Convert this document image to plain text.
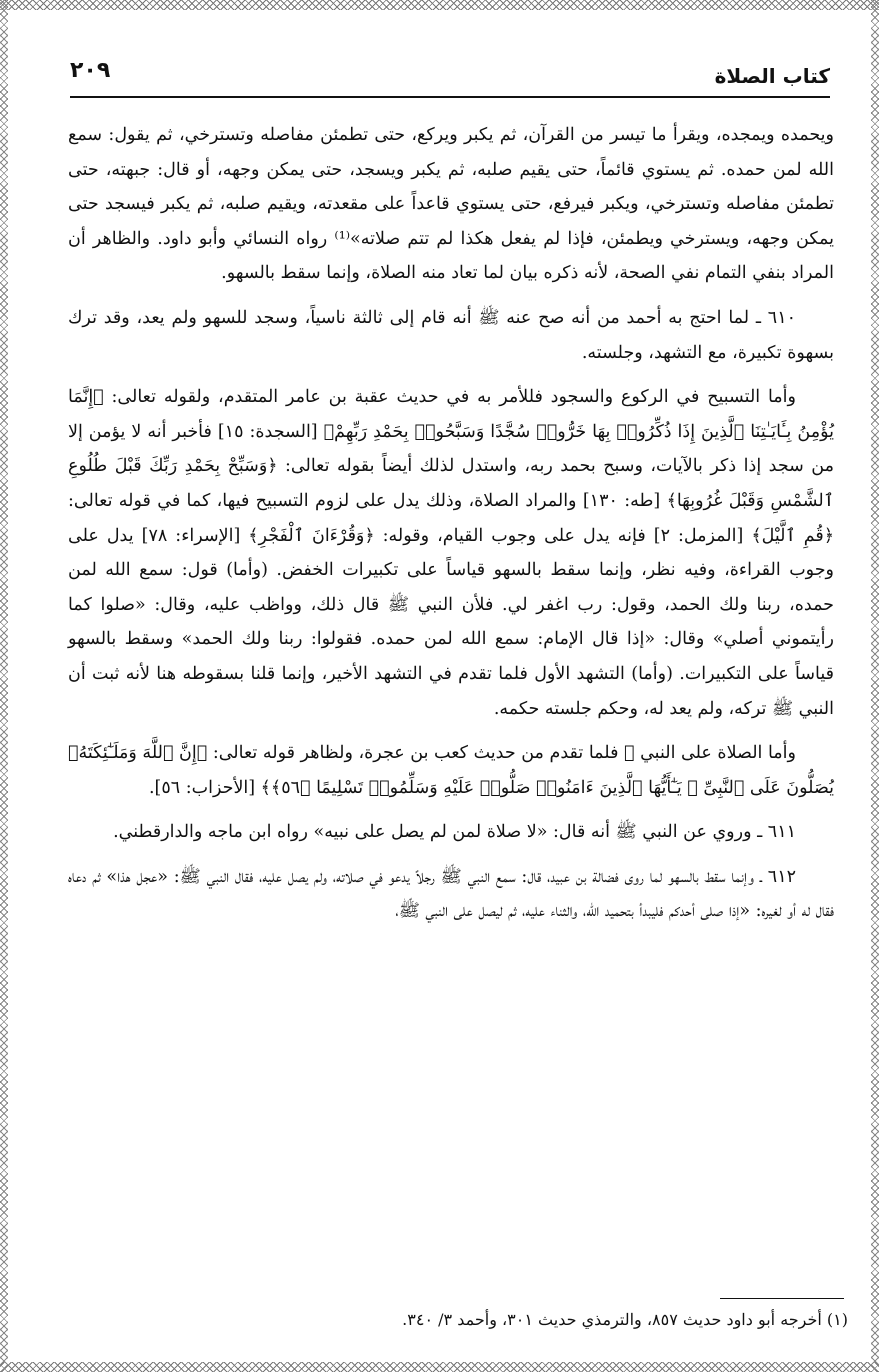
٢٠٩	كتاب الصلاة

ويحمده ويمجده، ويقرأ ما تيسر من القرآن، ثم يكبر ويركع، حتى تطمئن مفاصله وتسترخي، ثم يقول: سمع الله لمن حمده. ثم يستوي قائماً، حتى يقيم صلبه، ثم يكبر ويسجد، حتى يمكن وجهه، أو قال: جبهته، حتى تطمئن مفاصله وتسترخي، ويكبر فيرفع، حتى يستوي قاعداً على مقعدته، ويقيم صلبه، ثم يكبر فيسجد حتى يمكن وجهه، ويسترخي ويطمئن، فإذا لم يفعل هكذا لم تتم صلاته»⁽¹⁾ رواه النسائي وأبو داود. والظاهر أن المراد بنفي التمام نفي الصحة، لأنه ذكره بيان لما تعاد منه الصلاة، وإنما سقط بالسهو.

٦١٠ ـ لما احتج به أحمد من أنه صح عنه ﷺ أنه قام إلى ثالثة ناسياً، وسجد للسهو ولم يعد، وقد ترك بسهوة تكبيرة، مع التشهد، وجلسته.

وأما التسبيح في الركوع والسجود فللأمر به في حديث عقبة بن عامر المتقدم، ولقوله تعالى: ﴿إِنَّمَا يُؤْمِنُ بِـَٔايَـٰتِنَا ٱلَّذِينَ إِذَا ذُكِّرُوا۟ بِهَا خَرُّوا۟ سُجَّدًا وَسَبَّحُوا۟ بِحَمْدِ رَبِّهِمْ﴾ [السجدة: ١٥] فأخبر أنه لا يؤمن إلا من سجد إذا ذكر بالآيات، وسبح بحمد ربه، واستدل لذلك أيضاً بقوله تعالى: ﴿وَسَبِّحْ بِحَمْدِ رَبِّكَ قَبْلَ طُلُوعِ ٱلشَّمْسِ وَقَبْلَ غُرُوبِهَا﴾ [طه: ١٣٠] والمراد الصلاة، وذلك يدل على لزوم التسبيح فيها، كما في قوله تعالى: ﴿قُمِ ٱلَّيْلَ﴾ [المزمل: ٢] فإنه يدل على وجوب القيام، وقوله: ﴿وَقُرْءَانَ ٱلْفَجْرِ﴾ [الإسراء: ٧٨] يدل على وجوب القراءة، وفيه نظر، وإنما سقط بالسهو قياساً على تكبيرات الخفض. (وأما) قول: سمع الله لمن حمده، ربنا ولك الحمد، وقول: رب اغفر لي. فلأن النبي ﷺ قال ذلك، وواظب عليه، وقال: «صلوا كما رأيتموني أصلي» وقال: «إذا قال الإمام: سمع الله لمن حمده. فقولوا: ربنا ولك الحمد» وسقط بالسهو قياساً على التكبيرات. (وأما) التشهد الأول فلما تقدم في التشهد الأخير، وإنما قلنا بسقوطه هنا لأنه ثبت أن النبي ﷺ تركه، ولم يعد له، وحكم جلسته حكمه.

وأما الصلاة على النبي ﷺ فلما تقدم من حديث كعب بن عجرة، ولظاهر قوله تعالى: ﴿إِنَّ ٱللَّهَ وَمَلَـٰٓئِكَتَهُۥ يُصَلُّونَ عَلَى ٱلنَّبِىِّ ۚ يَـٰٓأَيُّهَا ٱلَّذِينَ ءَامَنُوا۟ صَلُّوا۟ عَلَيْهِ وَسَلِّمُوا۟ تَسْلِيمًا ﴿٥٦﴾﴾ [الأحزاب: ٥٦].

٦١١ ـ وروي عن النبي ﷺ أنه قال: «لا صلاة لمن لم يصل على نبيه» رواه ابن ماجه والدارقطني.

٦١٢ ـ وإنما سقط بالسهو لما روى فضالة بن عبيد، قال: سمع النبي ﷺ رجلاً يدعو في صلاته، ولم يصل عليه، فقال النبي ﷺ: «عجل هذا» ثم دعاه فقال له أو لغيره: «إذا صلى أحدكم فليبدأ بتحميد الله، والثناء عليه، ثم ليصل على النبي ﷺ،

(١) أخرجه أبو داود حديث ٨٥٧، والترمذي حديث ٣٠١، وأحمد ٣/ ٣٤٠.
